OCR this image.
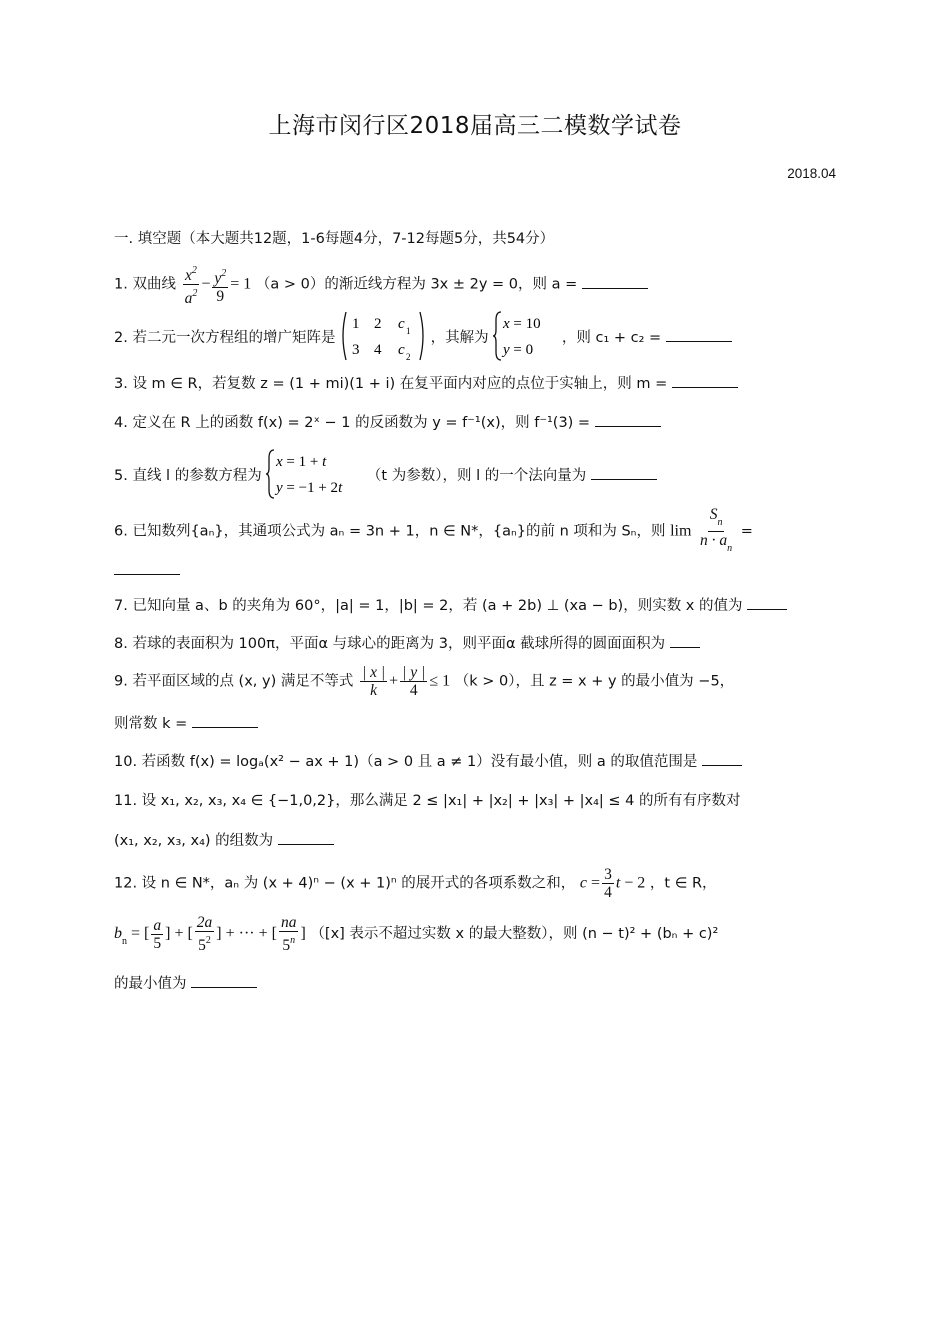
上海市闵行区2018届高三二模数学试卷
2018.04
一. 填空题（本大题共12题，1-6每题4分，7-12每题5分，共54分）
1. 双曲线 $\frac{x^2}{a^2} - \frac{y^2}{9} = 1$ （a > 0）的渐近线方程为 3x ± 2y = 0，则 a =
2. 若二元一次方程组的增广矩阵是
1 2 c 1
3 4 c 2
，其解为
x = 10
y = 0
，则 c₁ + c₂ =
3. 设 m ∈ R，若复数 z = (1 + mi)(1 + i) 在复平面内对应的点位于实轴上，则 m =
4. 定义在 R 上的函数 f(x) = 2ˣ − 1 的反函数为 y = f⁻¹(x)，则 f⁻¹(3) =
5. 直线 l 的参数方程为
x = 1 + t
y = −1 + 2t
（t 为参数），则 l 的一个法向量为
6. 已知数列{aₙ}，其通项公式为 aₙ = 3n + 1，n ∈ N*，{aₙ}的前 n 项和为 Sₙ，则 $\lim \frac{S_n}{n \cdot a_n}$ =
7. 已知向量 a、b 的夹角为 60°，|a| = 1，|b| = 2，若 (a + 2b) ⊥ (xa − b)，则实数 x 的值为
8. 若球的表面积为 100π，平面α 与球心的距离为 3，则平面α 截球所得的圆面面积为
9. 若平面区域的点 (x, y) 满足不等式 $\frac{| x |}{k} + \frac{| y |}{4} \le 1$ （k > 0），且 z = x + y 的最小值为 −5，
则常数 k =
10. 若函数 f(x) = logₐ(x² − ax + 1)（a > 0 且 a ≠ 1）没有最小值，则 a 的取值范围是
11. 设 x₁, x₂, x₃, x₄ ∈ {−1,0,2}，那么满足 2 ≤ |x₁| + |x₂| + |x₃| + |x₄| ≤ 4 的所有有序数对
(x₁, x₂, x₃, x₄) 的组数为
12. 设 n ∈ N*，aₙ 为 (x + 4)ⁿ − (x + 1)ⁿ 的展开式的各项系数之和， $c = \frac{3}{4}$ t − 2 ，t ∈ R，
$b_n$ = [ $\frac{a}{5}$ ] + [ $\frac{2a}{5^2}$ ] + ··· + [ $\frac{na}{5^n}$ ] （[x] 表示不超过实数 x 的最大整数），则 (n − t)² + (bₙ + c)²
的最小值为
